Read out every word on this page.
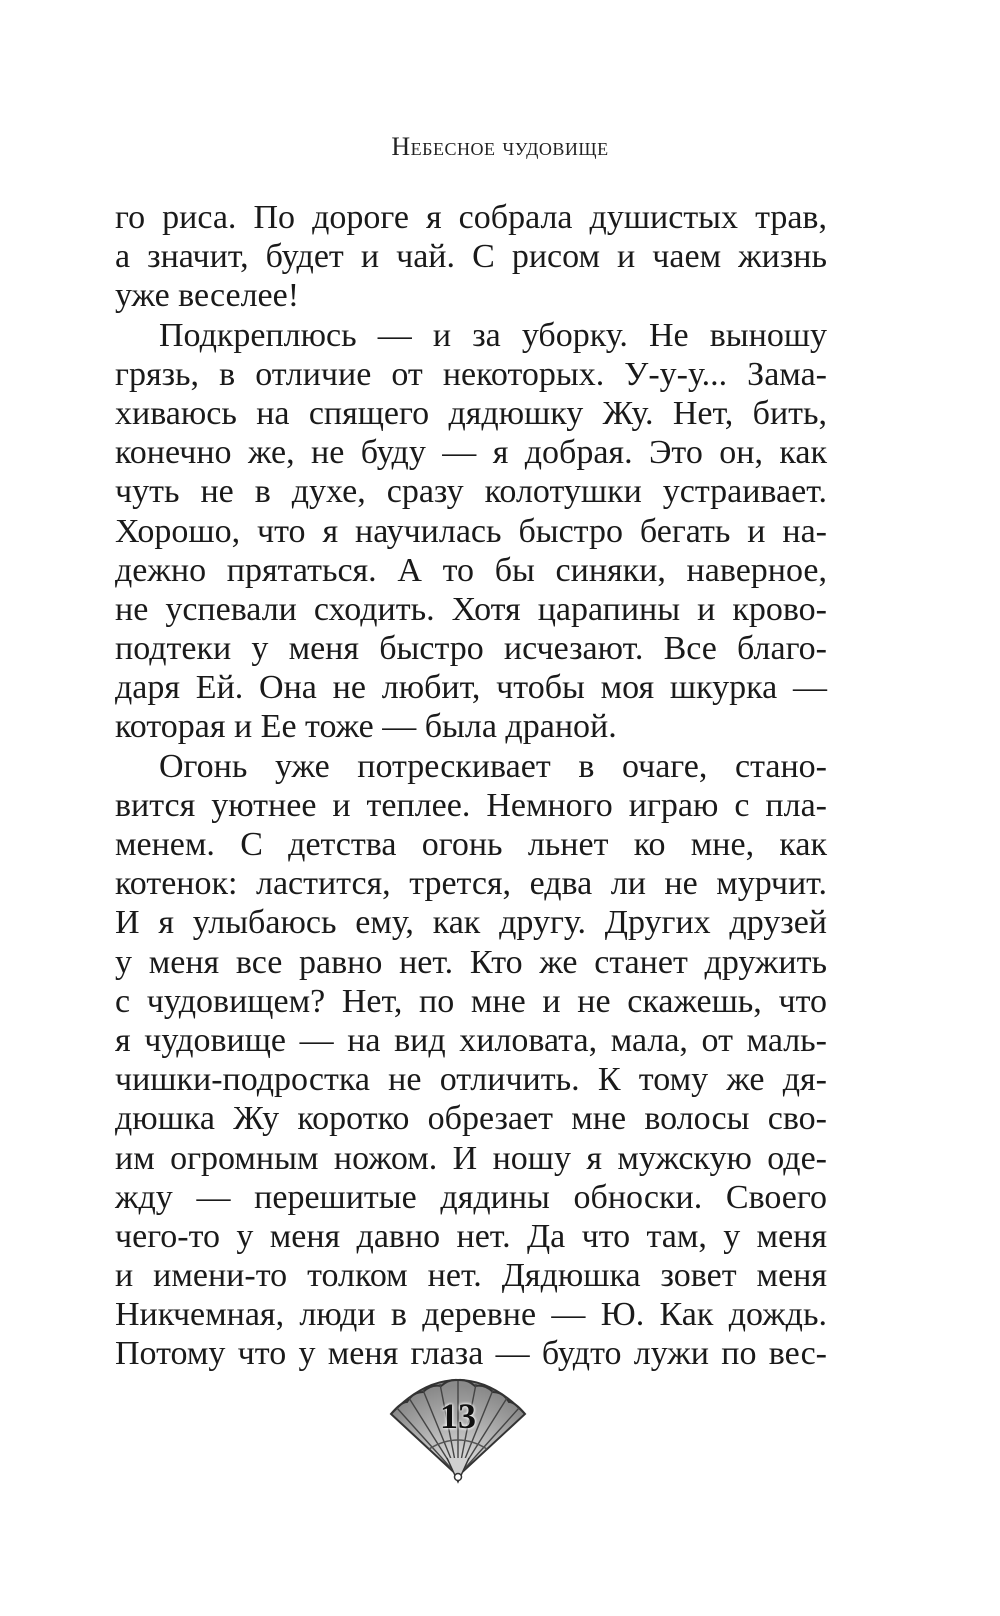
Небесное чудовище
го риса. По дороге я собрала душистых трав,
а значит, будет и чай. С рисом и чаем жизнь
уже веселее!
Подкреплюсь — и за уборку. Не выношу
грязь, в отличие от некоторых. У-у-у... Зама-
хиваюсь на спящего дядюшку Жу. Нет, бить,
конечно же, не буду — я добрая. Это он, как
чуть не в духе, сразу колотушки устраивает.
Хорошо, что я научилась быстро бегать и на-
дежно прятаться. А то бы синяки, наверное,
не успевали сходить. Хотя царапины и крово-
подтеки у меня быстро исчезают. Все благо-
даря Ей. Она не любит, чтобы моя шкурка —
которая и Ее тоже — была драной.
Огонь уже потрескивает в очаге, стано-
вится уютнее и теплее. Немного играю с пла-
менем. С детства огонь льнет ко мне, как
котенок: ластится, трется, едва ли не мурчит.
И я улыбаюсь ему, как другу. Других друзей
у меня все равно нет. Кто же станет дружить
с чудовищем? Нет, по мне и не скажешь, что
я чудовище — на вид хиловата, мала, от маль-
чишки-подростка не отличить. К тому же дя-
дюшка Жу коротко обрезает мне волосы сво-
им огромным ножом. И ношу я мужскую оде-
жду — перешитые дядины обноски. Своего
чего-то у меня давно нет. Да что там, у меня
и имени-то толком нет. Дядюшка зовет меня
Никчемная, люди в деревне — Ю. Как дождь.
Потому что у меня глаза — будто лужи по вес-
13
